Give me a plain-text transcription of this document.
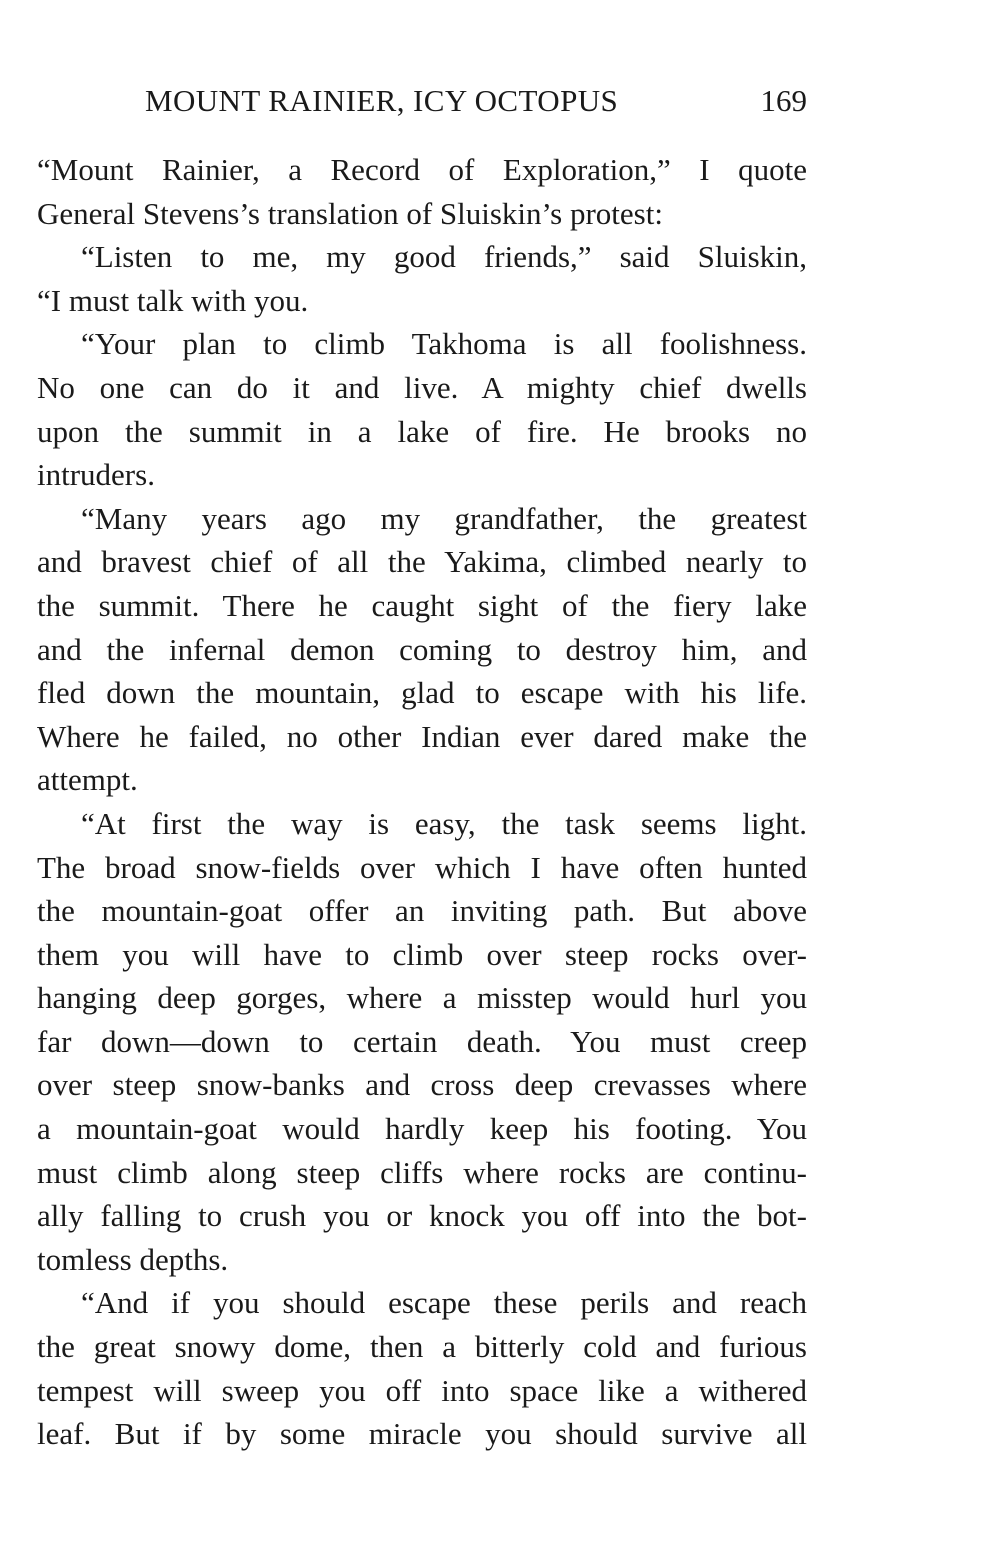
MOUNT RAINIER, ICY OCTOPUS	169
“Mount Rainier, a Record of Exploration,” I quote
General Stevens’s translation of Sluiskin’s protest:
“Listen to me, my good friends,” said Sluiskin,
“I must talk with you.
“Your plan to climb Takhoma is all foolishness.
No one can do it and live. A mighty chief dwells
upon the summit in a lake of fire. He brooks no
intruders.
“Many years ago my grandfather, the greatest
and bravest chief of all the Yakima, climbed nearly to
the summit. There he caught sight of the fiery lake
and the infernal demon coming to destroy him, and
fled down the mountain, glad to escape with his life.
Where he failed, no other Indian ever dared make the
attempt.
“At first the way is easy, the task seems light.
The broad snow-fields over which I have often hunted
the mountain-goat offer an inviting path. But above
them you will have to climb over steep rocks over-
hanging deep gorges, where a misstep would hurl you
far down—down to certain death. You must creep
over steep snow-banks and cross deep crevasses where
a mountain-goat would hardly keep his footing. You
must climb along steep cliffs where rocks are continu-
ally falling to crush you or knock you off into the bot-
tomless depths.
“And if you should escape these perils and reach
the great snowy dome, then a bitterly cold and furious
tempest will sweep you off into space like a withered
leaf. But if by some miracle you should survive all
